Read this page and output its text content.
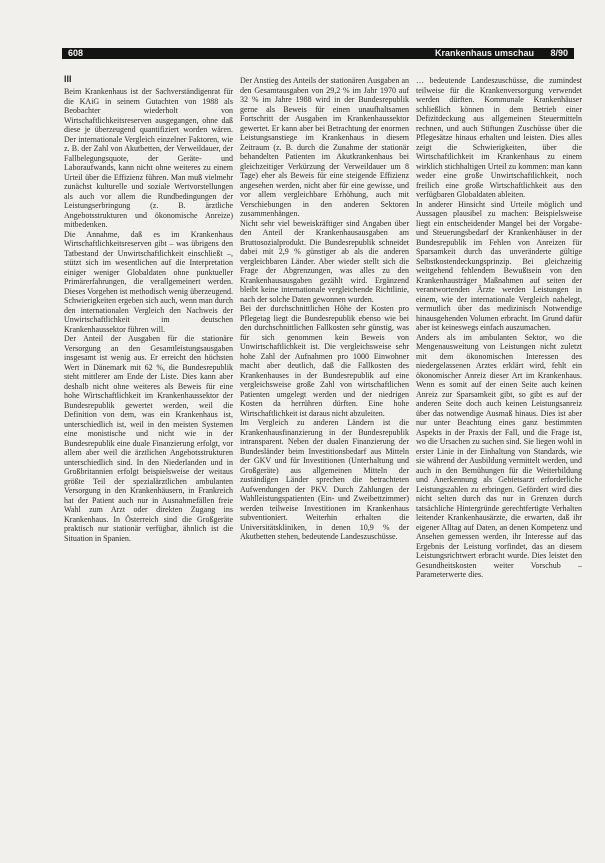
608	Krankenhaus umschau 8/90
III

Beim Krankenhaus ist der Sachverständigenrat für die KAiG in seinem Gutachten von 1988 als Beobachter wiederholt von Wirtschaftlichkeitsreserven ausgegangen, ohne daß diese je überzeugend quantifiziert worden wären. Der internationale Vergleich einzelner Faktoren, wie z. B. der Zahl von Akutbetten, der Verweildauer, der Fallbelegungsquote, der Geräte- und Laboraufwands, kann nicht ohne weiteres zu einem Urteil über die Effizienz führen. Man muß vielmehr zunächst kulturelle und soziale Wertvorstellungen als auch vor allem die Rundbedingungen der Leistungserbringung (z. B. ärztliche Angebotsstrukturen und ökonomische Anreize) mitbedenken.

Die Annahme, daß es im Krankenhaus Wirtschaftlichkeitsreserven gibt – was übrigens den Tatbestand der Unwirtschaftlichkeit einschließt –, stützt sich im wesentlichen auf die Interpretation einiger weniger Globaldaten ohne punktueller Primärerfahrungen, die verallgemeinert werden. Dieses Vorgehen ist methodisch wenig überzeugend. Schwierigkeiten ergeben sich auch, wenn man durch den internationalen Vergleich den Nachweis der Unwirtschaftlichkeit im deutschen Krankenhaussektor führen will.

Der Anteil der Ausgaben für die stationäre Versorgung an den Gesamtleistungsausgaben insgesamt ist wenig aus. Er erreicht den höchsten Wert in Dänemark mit 62 %, die Bundesrepublik steht mittlerer am Ende der Liste. Dies kann aber deshalb nicht ohne weiteres als Beweis für eine hohe Wirtschaftlichkeit im Krankenhaussektor der Bundesrepublik gewertet werden, weil die Definition von dem, was ein Krankenhaus ist, unterschiedlich ist, weil in den meisten Systemen eine monistische und nicht wie in der Bundesrepublik eine duale Finanzierung erfolgt, vor allem aber weil die ärztlichen Angebotsstrukturen unterschiedlich sind. In den Niederlanden und in Großbritannien erfolgt beispielsweise der weitaus größte Teil der spezialärztlichen ambulanten Versorgung in den Krankenhäusern, in Frankreich hat der Patient auch nur in Ausnahmefällen freie Wahl zum Arzt oder direkten Zugang ins Krankenhaus. In Österreich sind die Großgeräte praktisch nur stationär verfügbar, ähnlich ist die Situation in Spanien.

Der Anstieg des Anteils der stationären Ausgaben an den Gesamtausgaben von 29,2 % im Jahr 1970 auf 32 % im Jahre 1988 wird in der Bundesrepublik gerne als Beweis für einen unaufhaltsamen Fortschritt der Ausgaben im Krankenhaussektor gewertet. Er kann aber bei Betrachtung der enormen Leistungsanstiege im Krankenhaus in diesem Zeitraum (z. B. durch die Zunahme der stationär behandelten Patienten im Akutkrankenhaus bei gleichzeitiger Verkürzung der Verweildauer um 8 Tage) eher als Beweis für eine steigende Effizienz angesehen werden, nicht aber für eine gewisse, und vor allem vergleichbare Erhöhung, auch mit Verschiebungen in den anderen Sektoren zusammenhängen.

Nicht sehr viel beweiskräftiger sind Angaben über den Anteil der Krankenhausausgaben am Bruttosozialprodukt. Die Bundesrepublik schneidet dabei mit 2,9 % günstiger ab als die anderen vergleichbaren Länder. Aber wieder stellt sich die Frage der Abgrenzungen, was alles zu den Krankenhausausgaben gezählt wird. Ergänzend bleibt keine internationale vergleichende Richtlinie, nach der solche Daten gewonnen wurden.

Bei der durchschnittlichen Höhe der Kosten pro Pflegetag liegt die Bundesrepublik ebenso wie bei den durchschnittlichen Fallkosten sehr günstig, was für sich genommen kein Beweis von Unwirtschaftlichkeit ist. Die vergleichsweise sehr hohe Zahl der Aufnahmen pro 1000 Einwohner macht aber deutlich, daß die Fallkosten des Krankenhauses in der Bundesrepublik auf eine vergleichsweise große Zahl von wirtschaftlichen Patienten umgelegt werden und der niedrigen Kosten da herrühren dürften. Eine hohe Wirtschaftlichkeit ist daraus nicht abzuleiten.

Im Vergleich zu anderen Ländern ist die Krankenhausfinanzierung in der Bundesrepublik intransparent. Neben der dualen Finanzierung der Bundesländer beim Investitionsbedarf aus Mitteln der GKV und für Investitionen (Unterhaltung und Großgeräte) aus allgemeinen Mitteln der zuständigen Länder sprechen die betrachteten Aufwendungen der PKV. Durch Zahlungen der Wahlleistungspatienten (Ein- und Zweibettzimmer) werden teilweise Investitionen im Krankenhaus subventioniert. Weiterhin erhalten die Universitätskliniken, in denen 10,9 % der Akutbetten stehen, bedeutende Landeszuschüsse.

… bedeutende Landeszuschüsse, die zumindest teilweise für die Krankenversorgung verwendet werden dürften. Kommunale Krankenhäuser schließlich können in dem Betrieb einer Defizitdeckung aus allgemeinen Steuermitteln rechnen, und auch Stiftungen Zuschüsse über die Pflegesätze hinaus erhalten und leisten. Dies alles zeigt die Schwierigkeiten, über die Wirtschaftlichkeit im Krankenhaus zu einem wirklich stichhaltigen Urteil zu kommen: man kann weder eine große Unwirtschaftlichkeit, noch freilich eine große Wirtschaftlichkeit aus den verfügbaren Globaldaten ableiten.

In anderer Hinsicht sind Urteile möglich und Aussagen plausibel zu machen: Beispielsweise liegt ein entscheidender Mangel bei der Vorgabe- und Steuerungsbedarf der Krankenhäuser in der Bundesrepublik im Fehlen von Anreizen für Sparsamkeit durch das unveränderte gültige Selbstkostendeckungsprinzip. Bei gleichzeitig weitgehend fehlendem Bewußtsein von den Krankenhausträger Maßnahmen auf seiten der verantwortenden Ärzte werden Leistungen in einem, wie der internationale Vergleich nahelegt, vermutlich über das medizinisch Notwendige hinausgehenden Volumen erbracht. Im Grund dafür aber ist keineswegs einfach auszumachen.

Anders als im ambulanten Sektor, wo die Mengenausweitung von Leistungen nicht zuletzt mit dem ökonomischen Interessen des niedergelassenen Arztes erklärt wird, fehlt ein ökonomischer Anreiz dieser Art im Krankenhaus. Wenn es somit auf der einen Seite auch keinen Anreiz zur Sparsamkeit gibt, so gibt es auf der anderen Seite doch auch keinen Leistungsanreiz über das notwendige Ausmaß hinaus. Dies ist aber nur unter Beachtung eines ganz bestimmten Aspekts in der Praxis der Fall, und die Frage ist, wo die Ursachen zu suchen sind. Sie liegen wohl in erster Linie in der Einhaltung von Standards, wie sie während der Ausbildung vermittelt werden, und auch in den Bemühungen für die Weiterbildung und Anerkennung als Gebietsarzt erforderliche Leistungszahlen zu erbringen. Gefördert wird dies nicht selten durch das nur in Grenzen durch tatsächliche Hintergründe gerechtfertigte Verhalten leitender Krankenhausärzte, die erwarten, daß ihr eigener Alltag auf Daten, an denen Kompetenz und Ansehen gemessen werden, ihr Interesse auf das Ergebnis der Leistung vorfindet, das an diesem Leistungsrichtwert erbracht wurde. Dies leistet den Gesundheitskosten weiter Vorschub – Parameterwerte dies.
